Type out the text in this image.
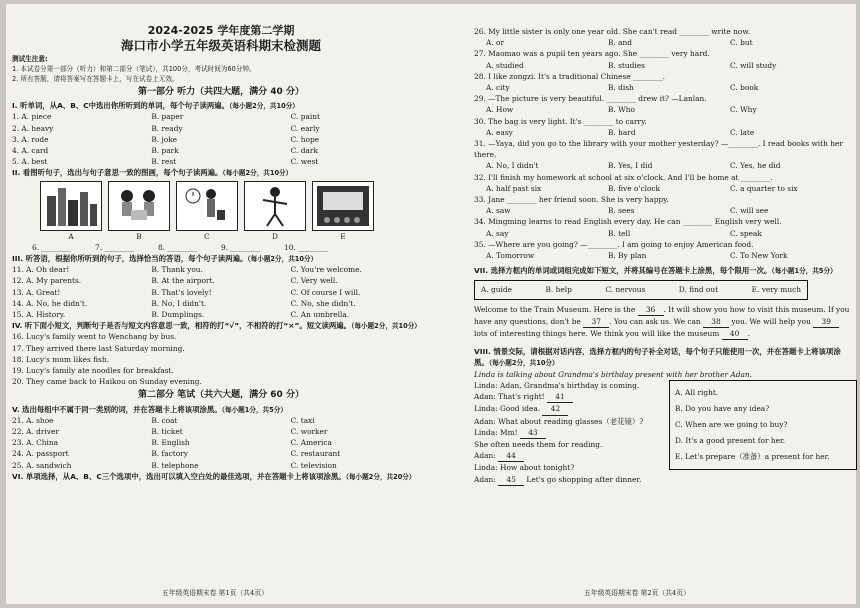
2024-2025 学年度第二学期
海口市小学五年级英语科期末检测题
测试生注意:
1. 本试卷分第一部分（听力）和第二部分（笔试），共100分，考试时间为60分钟。
2. 所有答题，请将答案写在答题卡上，写在试卷上无效。
第一部分 听力（共四大题，满分 40 分）
I. 听单词，从A、B、C中选出你所听到的单词，每个句子读两遍。（每小题2分，共10分）
1. A. piece	B. paper	C. paint
2. A. heavy	B. ready	C. early
3. A. rode	B. joke	C. hope
4. A. card	B. park	C. dark
5. A. best	B. rest	C. west
II. 看图听句子，选出与句子意思一致的图画，每个句子读两遍。（每小题2分，共10分）
A	B	C	D	E
6. ________	7. ________	8. ________	9. ________	10. ________
III. 听答语，根据你所听到的句子，选择恰当的答语，每个句子读两遍。（每小题2分，共10分）
11. A. Oh dear!	B. Thank you.	C. You're welcome.
12. A. My parents.	B. At the airport.	C. Very well.
13. A. Great!	B. That's lovely!	C. Of course I will.
14. A. No, he didn't.	B. No, I didn't.	C. No, she didn't.
15. A. History.	B. Dumplings.	C. An umbrella.
IV. 听下面小短文，判断句子是否与短文内容意思一致，相符的打“√”，不相符的打“×”。短文读两遍。（每小题2分，共10分）
16. Lucy's family went to Wenchang by bus.
17. They arrived there last Saturday morning.
18. Lucy's mum likes fish.
19. Lucy's family ate noodles for breakfast.
20. They came back to Haikou on Sunday evening.
第二部分 笔试（共六大题，满分 60 分）
V. 选出每组中不属于同一类别的词，并在答题卡上将该项涂黑。（每小题1分，共5分）
21. A. shoe	B. coat	C. taxi
22. A. driver	B. ticket	C. worker
23. A. China	B. English	C. America
24. A. passport	B. factory	C. restaurant
25. A. sandwich	B. telephone	C. television
VI. 单项选择，从A、B、C三个选项中，选出可以填入空白处的最佳选项，并在答题卡上将该项涂黑。（每小题2分，共20分）
五年级英语期末卷 第1页（共4页）
26. My little sister is only one year old. She can't read ________ write now.
A. or	B. and	C. but
27. Maomao was a pupil ten years ago. She ________ very hard.
A. studied	B. studies	C. will study
28. I like zongzi. It's a traditional Chinese ________.
A. city	B. dish	C. book
29. —The picture is very beautiful. ________ drew it? —Lanlan.
A. How	B. Who	C. Why
30. The bag is very light. It's ________ to carry.
A. easy	B. hard	C. late
31. —Yaya, did you go to the library with your mother yesterday? —________. I read books with her there.
A. No, I didn't	B. Yes, I did	C. Yes, he did
32. I'll finish my homework at school at six o'clock. And I'll be home at ________.
A. half past six	B. five o'clock	C. a quarter to six
33. Jane ________ her friend soon. She is very happy.
A. saw	B. sees	C. will see
34. Mingming learns to read English every day. He can ________ English very well.
A. say	B. tell	C. speak
35. —Where are you going? —________. I am going to enjoy American food.
A. Tomorrow	B. By plan	C. To New York
VII. 选择方框内的单词或词组完成如下短文，并将其编号在答题卡上涂黑，每个限用一次。（每小题1分，共5分）
A. guide	B. help	C. nervous	D. find out	E. very much
Welcome to the Train Museum. Here is the 36 . It will show you how to visit this museum. If you have any questions, don't be 37 . You can ask us. We can 38 you. We will help you 39 lots of interesting things here. We think you will like the museum 40 .
VIII. 情景交际，请根据对话内容，选择方框内的句子补全对话，每个句子只能使用一次，并在答题卡上将该项涂黑。（每小题2分，共10分）
Linda is talking about Grandma's birthday present with her brother Adan.
Linda: Adan, Grandma's birthday is coming.
Adan: That's right! 41
Linda: Good idea. 42
Adan: What about reading glasses（老花镜）?
Linda: Mm! 43
She often needs them for reading.
Adan: 44
Linda: How about tonight?
Adan: 45 Let's go shopping after dinner.
A. All right.
B. Do you have any idea?
C. When are we going to buy?
D. It's a good present for her.
E. Let's prepare（准备）a present for her.
五年级英语期末卷 第2页（共4页）
